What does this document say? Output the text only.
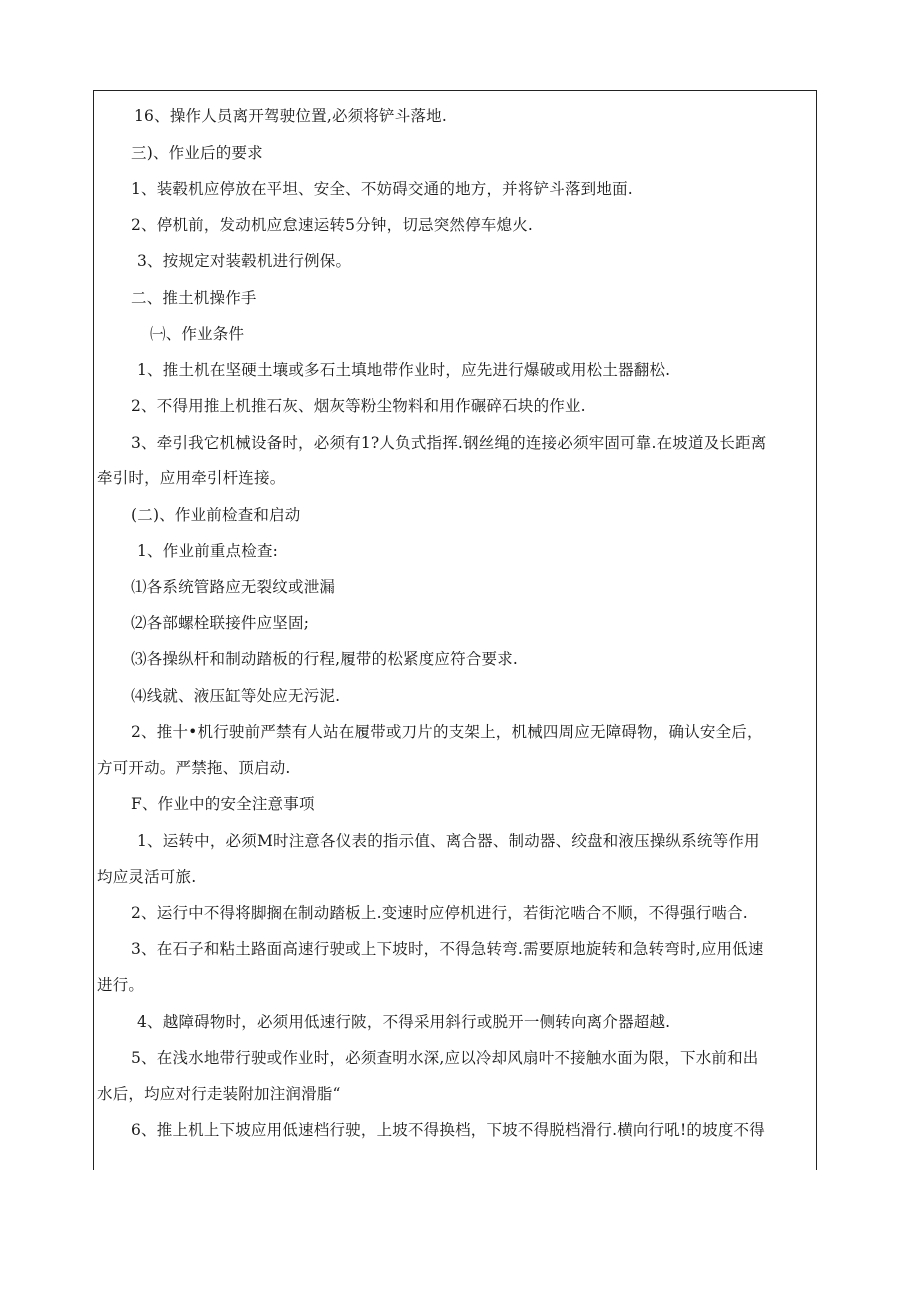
16、操作人员离开驾驶位置,必须将铲斗落地.
三)、作业后的要求
1、装毂机应停放在平坦、安全、不妨碍交通的地方，并将铲斗落到地面.
2、停机前，发动机应怠速运转5分钟，切忌突然停车熄火.
3、按规定对装毂机进行例保。
二、推土机操作手
㈠、作业条件
1、推土机在坚硬土壤或多石土填地带作业时，应先进行爆破或用松土器翻松.
2、不得用推上机推石灰、烟灰等粉尘物料和用作碾碎石块的作业.
3、牵引我它机械设备时，必须有1?人负式指挥.钢丝绳的连接必须牢固可靠.在坡道及长距离
牵引时，应用牵引杆连接。
(二)、作业前检查和启动
1、作业前重点检查:
⑴各系统管路应无裂纹或泄漏
⑵各部螺栓联接件应坚固;
⑶各操纵杆和制动踏板的行程,履带的松紧度应符合要求.
⑷线就、液压缸等处应无污泥.
2、推十•机行驶前严禁有人站在履带或刀片的支架上，机械四周应无障碍物，确认安全后，
方可开动。严禁拖、顶启动.
F、作业中的安全注意事项
1、运转中，必须M时注意各仪表的指示值、离合器、制动器、绞盘和液压操纵系统等作用
均应灵活可旅.
2、运行中不得将脚搁在制动踏板上.变速时应停机进行，若街沱啮合不顺，不得强行啮合.
3、在石子和粘土路面高速行驶或上下坡时，不得急转弯.需要原地旋转和急转弯时,应用低速
进行。
4、越障碍物时，必须用低速行陂，不得采用斜行或脱开一侧转向离介器超越.
5、在浅水地带行驶或作业时，必须查明水深,应以冷却风扇叶不接触水面为限，下水前和出
水后，均应对行走装附加注润滑脂“
6、推上机上下坡应用低速档行驶，上坡不得换档，下坡不得脱档滑行.横向行吼!的坡度不得
